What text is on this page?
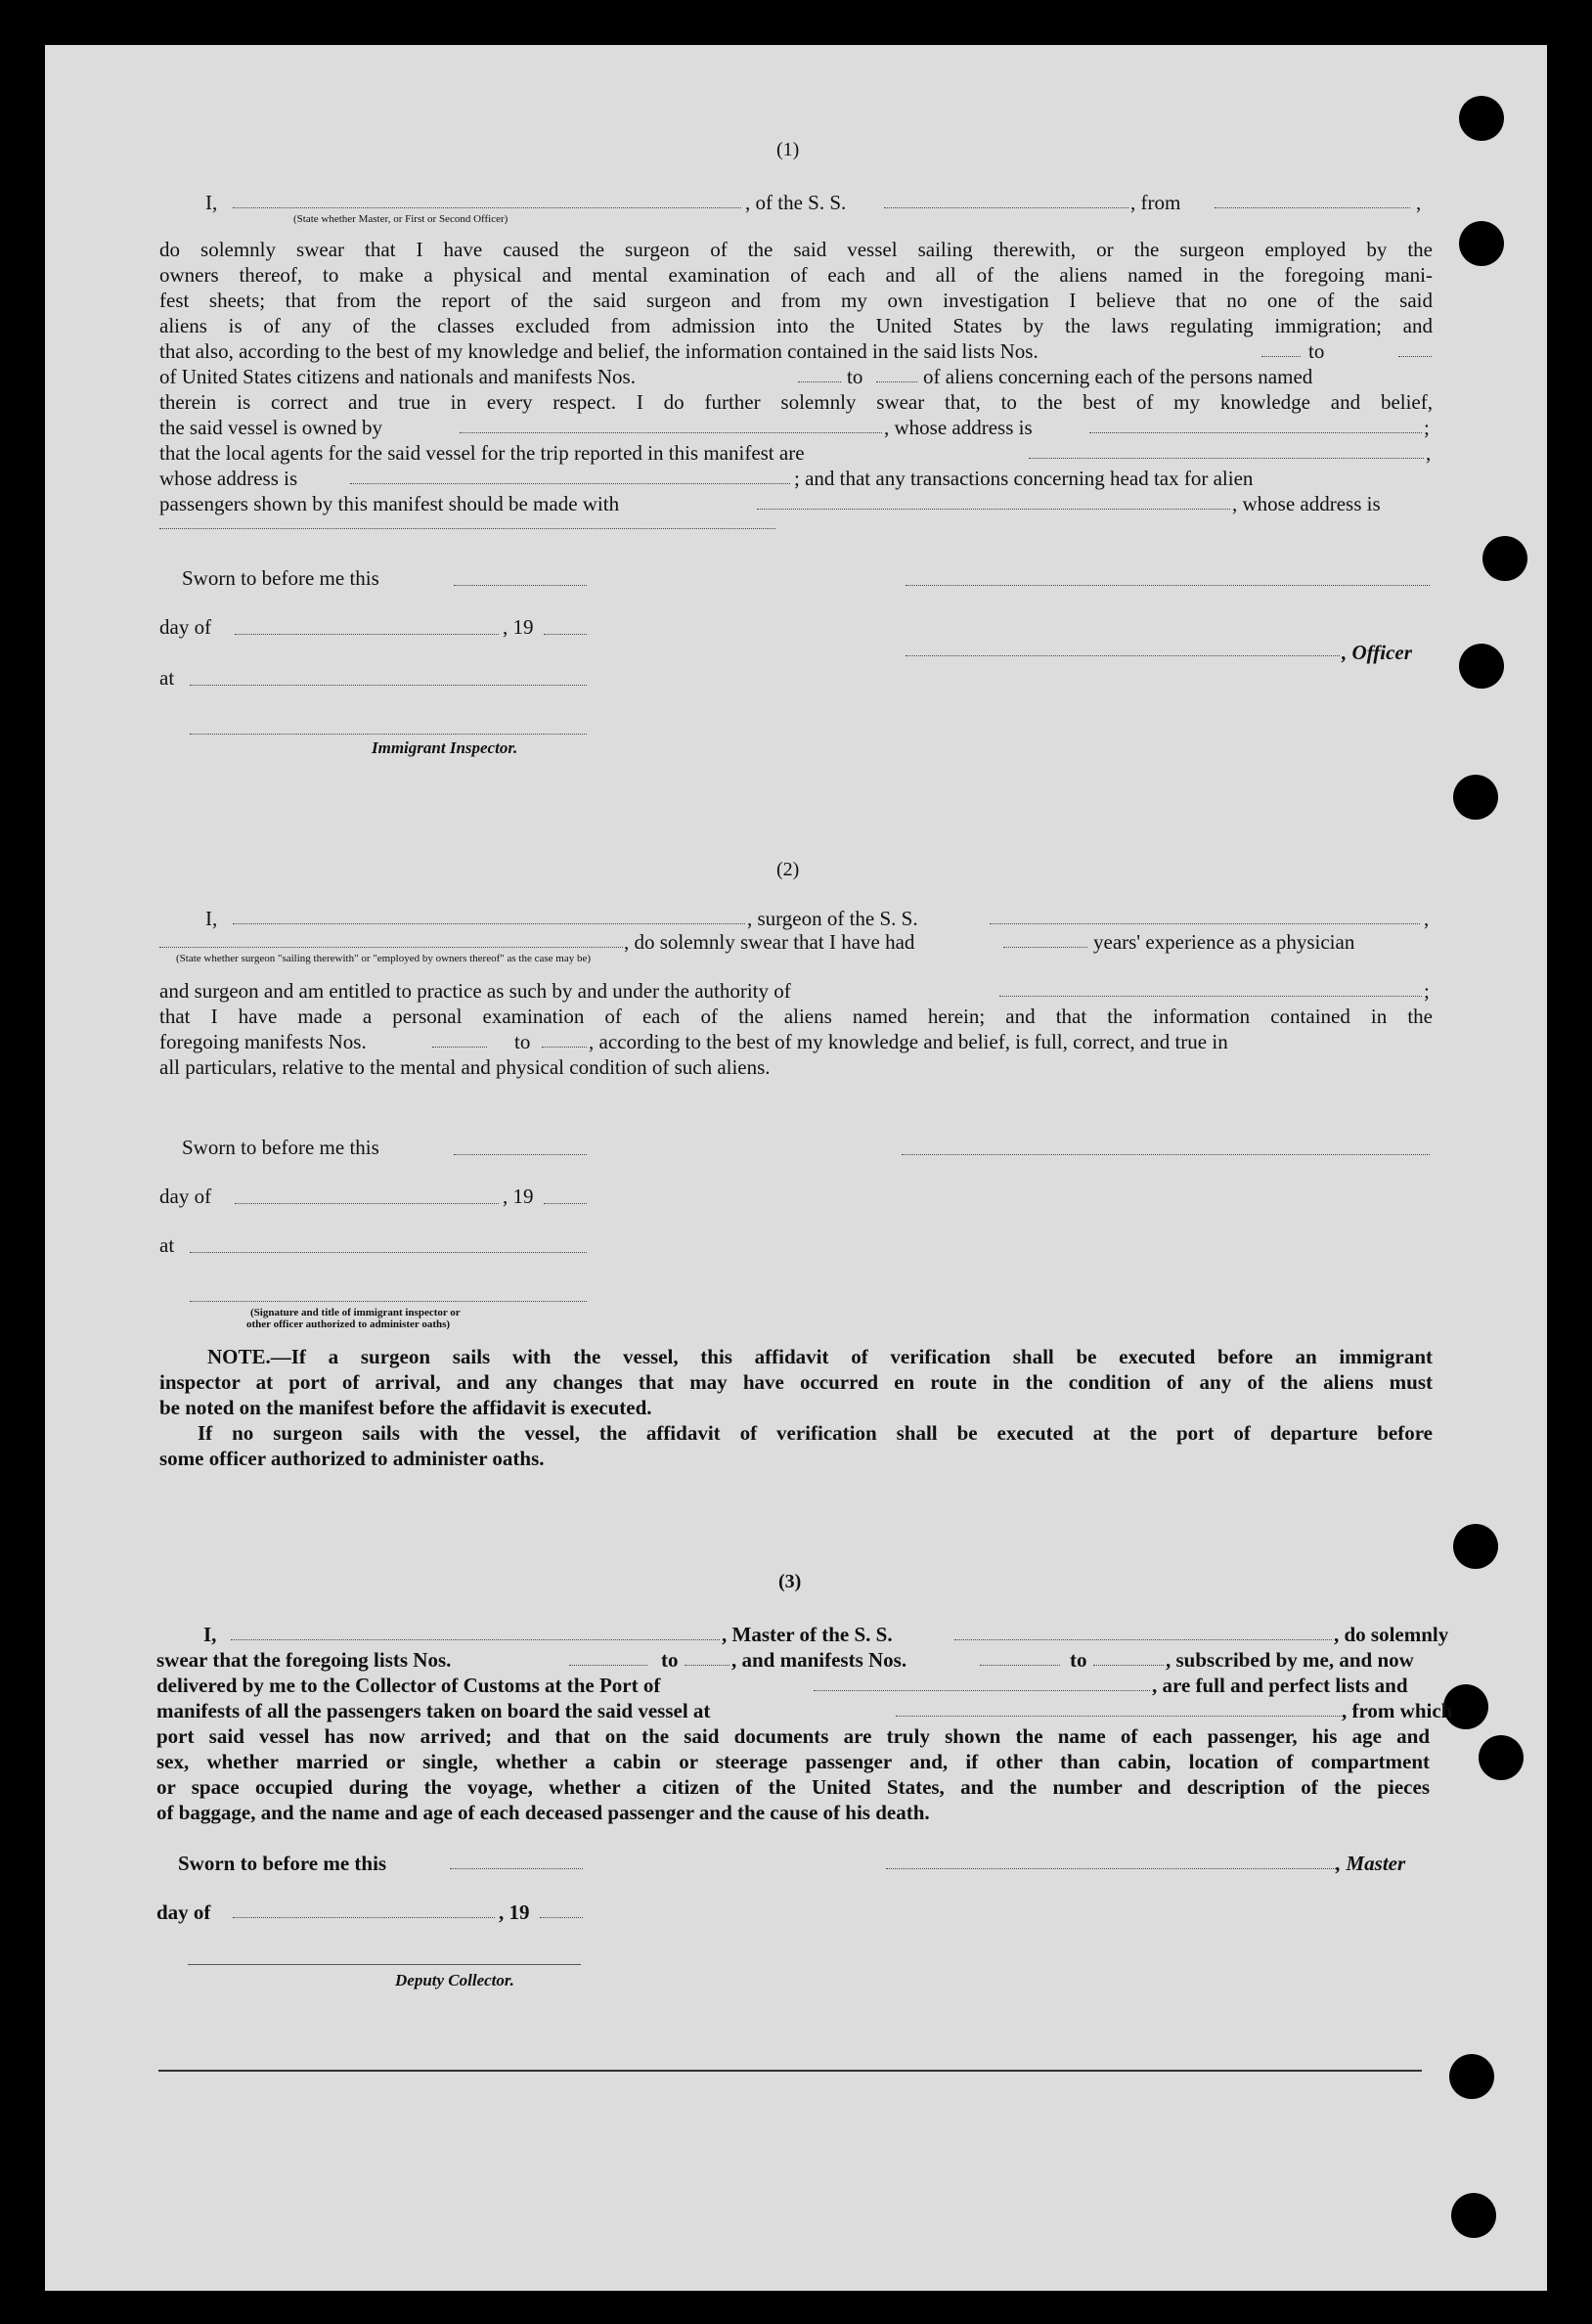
(1)
I,	, of the S. S.	, from	,
(State whether Master, or First or Second Officer)
do solemnly swear that I have caused the surgeon of the said vessel sailing therewith, or the surgeon employed by the
owners thereof, to make a physical and mental examination of each and all of the aliens named in the foregoing mani-
fest sheets; that from the report of the said surgeon and from my own investigation I believe that no one of the said
aliens is of any of the classes excluded from admission into the United States by the laws regulating immigration; and
that also, according to the best of my knowledge and belief, the information contained in the said lists Nos.	to
of United States citizens and nationals and manifests Nos.	to	of aliens concerning each of the persons named
therein is correct and true in every respect. I do further solemnly swear that, to the best of my knowledge and belief,
the said vessel is owned by	, whose address is	;
that the local agents for the said vessel for the trip reported in this manifest are	,
whose address is	; and that any transactions concerning head tax for alien
passengers shown by this manifest should be made with	, whose address is
Sworn to before me this
day of	, 19
, Officer
at
Immigrant Inspector.
(2)
I,	, surgeon of the S. S.	,
, do solemnly swear that I have had	years' experience as a physician
(State whether surgeon "sailing therewith" or "employed by owners thereof" as the case may be)
and surgeon and am entitled to practice as such by and under the authority of	;
that I have made a personal examination of each of the aliens named herein; and that the information contained in the
foregoing manifests Nos.	to	, according to the best of my knowledge and belief, is full, correct, and true in
all particulars, relative to the mental and physical condition of such aliens.
Sworn to before me this
day of	, 19
at
(Signature and title of immigrant inspector or
other officer authorized to administer oaths)
NOTE.—If a surgeon sails with the vessel, this affidavit of verification shall be executed before an immigrant
inspector at port of arrival, and any changes that may have occurred en route in the condition of any of the aliens must
be noted on the manifest before the affidavit is executed.
If no surgeon sails with the vessel, the affidavit of verification shall be executed at the port of departure before
some officer authorized to administer oaths.
(3)
I,	, Master of the S. S.	, do solemnly
swear that the foregoing lists Nos.	to	, and manifests Nos.	to	, subscribed by me, and now
delivered by me to the Collector of Customs at the Port of	, are full and perfect lists and
manifests of all the passengers taken on board the said vessel at	, from which
port said vessel has now arrived; and that on the said documents are truly shown the name of each passenger, his age and
sex, whether married or single, whether a cabin or steerage passenger and, if other than cabin, location of compartment
or space occupied during the voyage, whether a citizen of the United States, and the number and description of the pieces
of baggage, and the name and age of each deceased passenger and the cause of his death.
Sworn to before me this	, Master
day of	, 19
Deputy Collector.
